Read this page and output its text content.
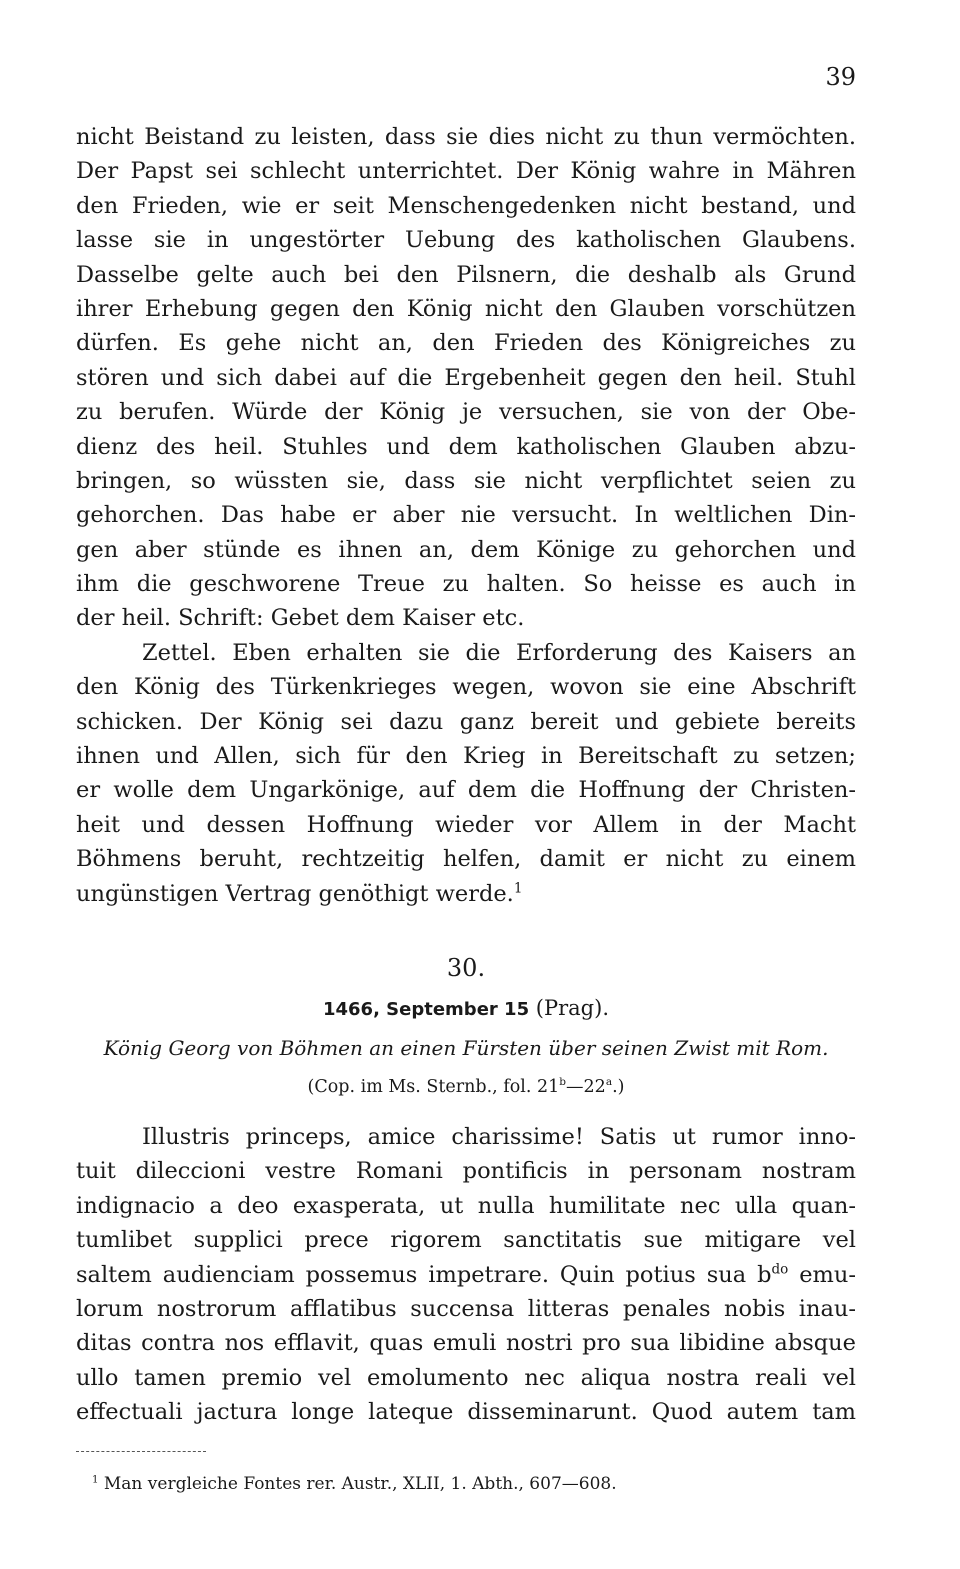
39
nicht Beistand zu leisten, dass sie dies nicht zu thun vermöchten.
Der Papst sei schlecht unterrichtet. Der König wahre in Mähren
den Frieden, wie er seit Menschengedenken nicht bestand, und
lasse sie in ungestörter Uebung des katholischen Glaubens.
Dasselbe gelte auch bei den Pilsnern, die deshalb als Grund
ihrer Erhebung gegen den König nicht den Glauben vorschützen
dürfen. Es gehe nicht an, den Frieden des Königreiches zu
stören und sich dabei auf die Ergebenheit gegen den heil. Stuhl
zu berufen. Würde der König je versuchen, sie von der Obe-
dienz des heil. Stuhles und dem katholischen Glauben abzu-
bringen, so wüssten sie, dass sie nicht verpflichtet seien zu
gehorchen. Das habe er aber nie versucht. In weltlichen Din-
gen aber stünde es ihnen an, dem Könige zu gehorchen und
ihm die geschworene Treue zu halten. So heisse es auch in
der heil. Schrift: Gebet dem Kaiser etc.
Zettel. Eben erhalten sie die Erforderung des Kaisers an
den König des Türkenkrieges wegen, wovon sie eine Abschrift
schicken. Der König sei dazu ganz bereit und gebiete bereits
ihnen und Allen, sich für den Krieg in Bereitschaft zu setzen;
er wolle dem Ungarkönige, auf dem die Hoffnung der Christen-
heit und dessen Hoffnung wieder vor Allem in der Macht
Böhmens beruht, rechtzeitig helfen, damit er nicht zu einem
ungünstigen Vertrag genöthigt werde.$^1$
30.
1466, September 15 (Prag).
König Georg von Böhmen an einen Fürsten über seinen Zwist mit Rom.
(Cop. im Ms. Sternb., fol. 21$^b$—22$^a$.)
Illustris princeps, amice charissime! Satis ut rumor inno-
tuit dileccioni vestre Romani pontificis in personam nostram
indignacio a deo exasperata, ut nulla humilitate nec ulla quan-
tumlibet supplici prece rigorem sanctitatis sue mitigare vel
saltem audienciam possemus impetrare. Quin potius sua $b^{do}$ emu-
lorum nostrorum afflatibus succensa litteras penales nobis inau-
ditas contra nos efflavit, quas emuli nostri pro sua libidine absque
ullo tamen premio vel emolumento nec aliqua nostra reali vel
effectuali jactura longe lateque disseminarunt. Quod autem tam
$^1$ Man vergleiche Fontes rer. Austr., XLII, 1. Abth., 607—608.
